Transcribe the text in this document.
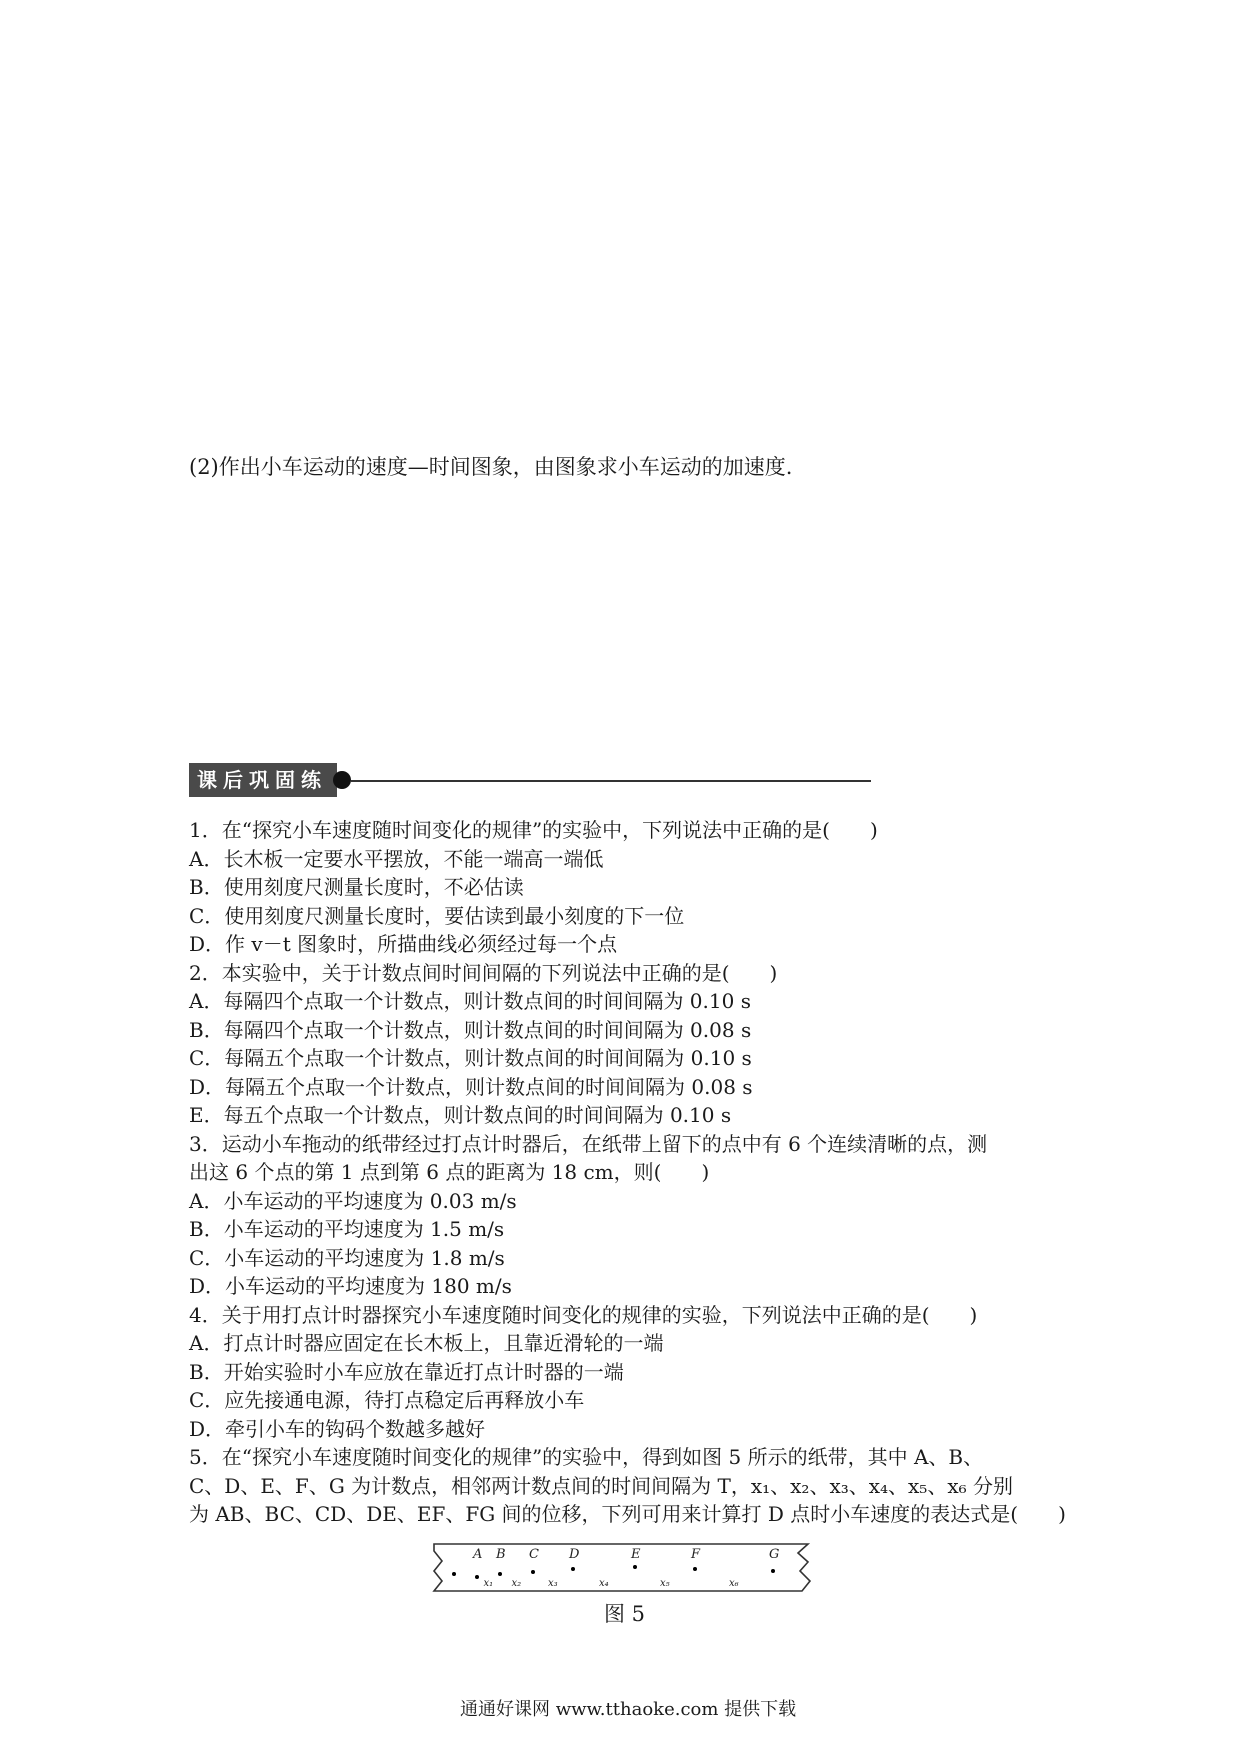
(2)作出小车运动的速度—时间图象，由图象求小车运动的加速度.
课后巩固练
1．在“探究小车速度随时间变化的规律”的实验中，下列说法中正确的是(　　)
A．长木板一定要水平摆放，不能一端高一端低
B．使用刻度尺测量长度时，不必估读
C．使用刻度尺测量长度时，要估读到最小刻度的下一位
D．作 v－t 图象时，所描曲线必须经过每一个点
2．本实验中，关于计数点间时间间隔的下列说法中正确的是(　　)
A．每隔四个点取一个计数点，则计数点间的时间间隔为 0.10 s
B．每隔四个点取一个计数点，则计数点间的时间间隔为 0.08 s
C．每隔五个点取一个计数点，则计数点间的时间间隔为 0.10 s
D．每隔五个点取一个计数点，则计数点间的时间间隔为 0.08 s
E．每五个点取一个计数点，则计数点间的时间间隔为 0.10 s
3．运动小车拖动的纸带经过打点计时器后，在纸带上留下的点中有 6 个连续清晰的点，测
出这 6 个点的第 1 点到第 6 点的距离为 18 cm，则(　　)
A．小车运动的平均速度为 0.03 m/s
B．小车运动的平均速度为 1.5 m/s
C．小车运动的平均速度为 1.8 m/s
D．小车运动的平均速度为 180 m/s
4．关于用打点计时器探究小车速度随时间变化的规律的实验，下列说法中正确的是(　　)
A．打点计时器应固定在长木板上，且靠近滑轮的一端
B．开始实验时小车应放在靠近打点计时器的一端
C．应先接通电源，待打点稳定后再释放小车
D．牵引小车的钩码个数越多越好
5．在“探究小车速度随时间变化的规律”的实验中，得到如图 5 所示的纸带，其中 A、B、
C、D、E、F、G 为计数点，相邻两计数点间的时间间隔为 T，x₁、x₂、x₃、x₄、x₅、x₆ 分别
为 AB、BC、CD、DE、EF、FG 间的位移，下列可用来计算打 D 点时小车速度的表达式是(　　)
A B C D	E	F	G
x₁ x₂	x₃	x₄	x₅	x₆
图 5
通通好课网 www.tthaoke.com 提供下载
